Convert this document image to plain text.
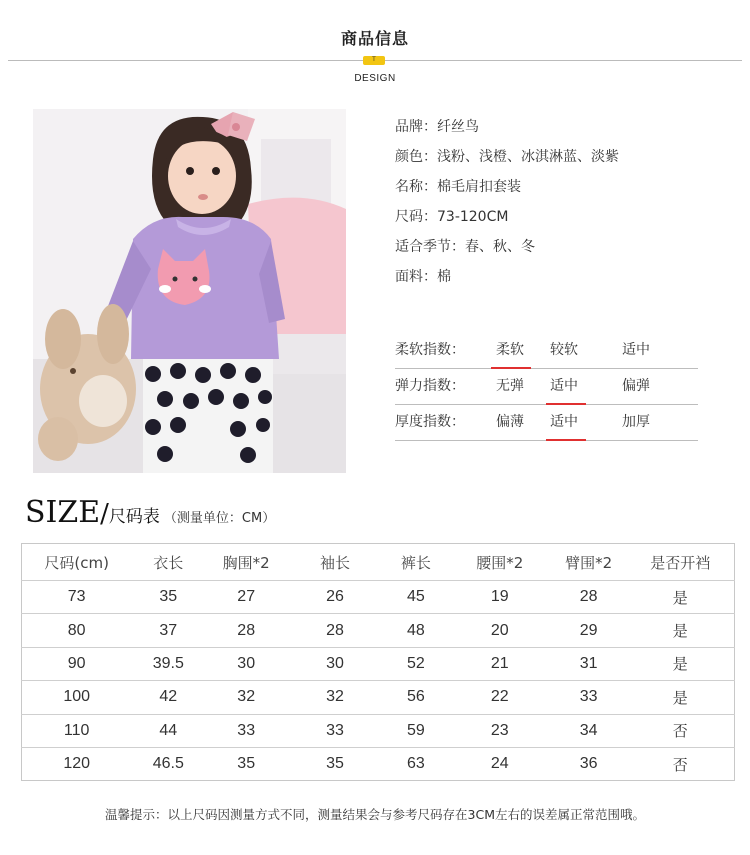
商品信息
T
DESIGN
品牌：纤丝鸟
颜色：浅粉、浅橙、冰淇淋蓝、淡紫
名称：棉毛肩扣套装
尺码：73-120CM
适合季节：春、秋、冬
面料：棉
柔软指数： 柔软 较软	适中
弹力指数： 无弹 适中	偏弹
厚度指数： 偏薄 适中	加厚
SIZE/尺码表 （测量单位：CM）
尺码(cm)	衣长	胸围*2	袖长	裤长	腰围*2	臂围*2	是否开裆
73	35	27	26	45	19	28	是
80	37	28	28	48	20	29	是
90	39.5	30	30	52	21	31	是
100	42	32	32	56	22	33	是
110	44	33	33	59	23	34	否
120	46.5	35	35	63	24	36	否
温馨提示：以上尺码因测量方式不同，测量结果会与参考尺码存在3CM左右的误差属正常范围哦。
